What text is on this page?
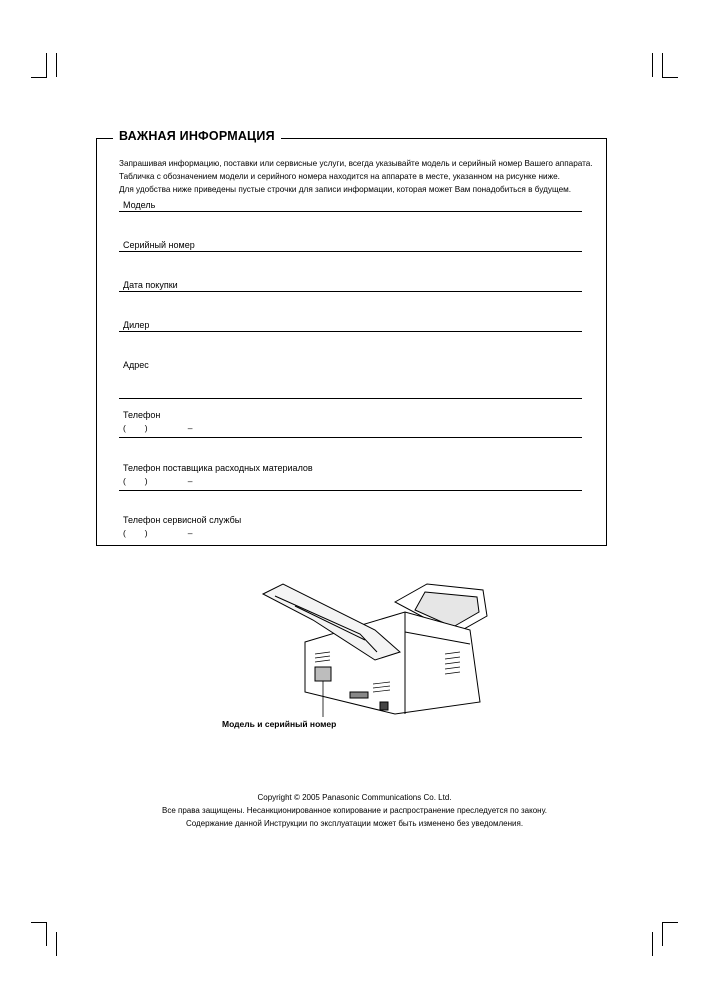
ВАЖНАЯ ИНФОРМАЦИЯ
Запрашивая информацию, поставки или сервисные услуги, всегда указывайте модель и серийный номер Вашего аппарата.
Табличка с обозначением модели и серийного номера находится на аппарате в месте, указанном на рисунке ниже.
Для удобства ниже приведены пустые строчки для записи информации, которая может Вам понадобиться в будущем.
Модель
Серийный номер
Дата покупки
Дилер
Адрес
Телефон
(        )                 –
Телефон поставщика расходных материалов
(        )                 –
Телефон сервисной службы
(        )                 –
Модель и серийный номер
Copyright © 2005 Panasonic Communications Co. Ltd.
Все права защищены. Несанкционированное копирование и распространение преследуется по закону.
Содержание данной Инструкции по эксплуатации может быть изменено без уведомления.
